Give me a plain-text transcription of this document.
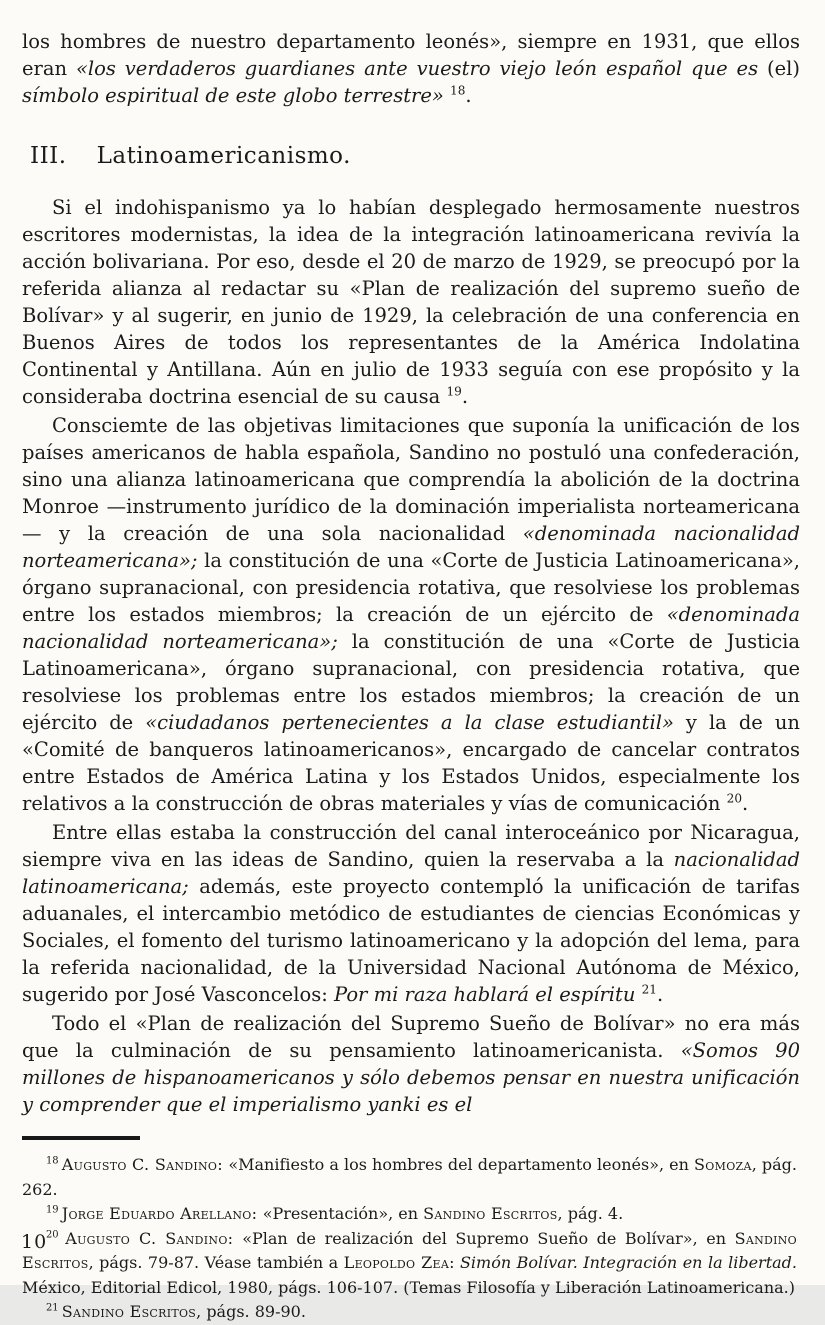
los hombres de nuestro departamento leonés», siempre en 1931, que ellos eran «los verdaderos guardianes ante vuestro viejo león español que es (el) símbolo espiritual de este globo terrestre» $^{18}$.

III. Latinoamericanismo.

Si el indohispanismo ya lo habían desplegado hermosamente nuestros escritores modernistas, la idea de la integración latinoamericana revivía la acción bolivariana. Por eso, desde el 20 de marzo de 1929, se preocupó por la referida alianza al redactar su «Plan de realización del supremo sueño de Bolívar» y al sugerir, en junio de 1929, la celebración de una conferencia en Buenos Aires de todos los representantes de la América Indolatina Continental y Antillana. Aún en julio de 1933 seguía con ese propósito y la consideraba doctrina esencial de su causa $^{19}$.

Consciemte de las objetivas limitaciones que suponía la unificación de los países americanos de habla española, Sandino no postuló una confederación, sino una alianza latinoamericana que comprendía la abolición de la doctrina Monroe —instrumento jurídico de la dominación imperialista norteamericana— y la creación de una sola nacionalidad «denominada nacionalidad norteamericana»; la constitución de una «Corte de Justicia Latinoamericana», órgano supranacional, con presidencia rotativa, que resolviese los problemas entre los estados miembros; la creación de un ejército de «denominada nacionalidad norteamericana»; la constitución de una «Corte de Justicia Latinoamericana», órgano supranacional, con presidencia rotativa, que resolviese los problemas entre los estados miembros; la creación de un ejército de «ciudadanos pertenecientes a la clase estudiantil» y la de un «Comité de banqueros latinoamericanos», encargado de cancelar contratos entre Estados de América Latina y los Estados Unidos, especialmente los relativos a la construcción de obras materiales y vías de comunicación $^{20}$.

Entre ellas estaba la construcción del canal interoceánico por Nicaragua, siempre viva en las ideas de Sandino, quien la reservaba a la nacionalidad latinoamericana; además, este proyecto contempló la unificación de tarifas aduanales, el intercambio metódico de estudiantes de ciencias Económicas y Sociales, el fomento del turismo latinoamericano y la adopción del lema, para la referida nacionalidad, de la Universidad Nacional Autónoma de México, sugerido por José Vasconcelos: Por mi raza hablará el espíritu $^{21}$.

Todo el «Plan de realización del Supremo Sueño de Bolívar» no era más que la culminación de su pensamiento latinoamericanista. «Somos 90 millones de hispanoamericanos y sólo debemos pensar en nuestra unificación y comprender que el imperialismo yanki es el

$^{18}$ Augusto C. Sandino: «Manifiesto a los hombres del departamento leonés», en Somoza, pág. 262.

$^{19}$ Jorge Eduardo Arellano: «Presentación», en Sandino Escritos, pág. 4.

$^{20}$ Augusto C. Sandino: «Plan de realización del Supremo Sueño de Bolívar», en Sandino Escritos, págs. 79-87. Véase también a Leopoldo Zea: Simón Bolívar. Integración en la libertad. México, Editorial Edicol, 1980, págs. 106-107. (Temas Filosofía y Liberación Latinoamericana.)

$^{21}$ Sandino Escritos, págs. 89-90.

10
